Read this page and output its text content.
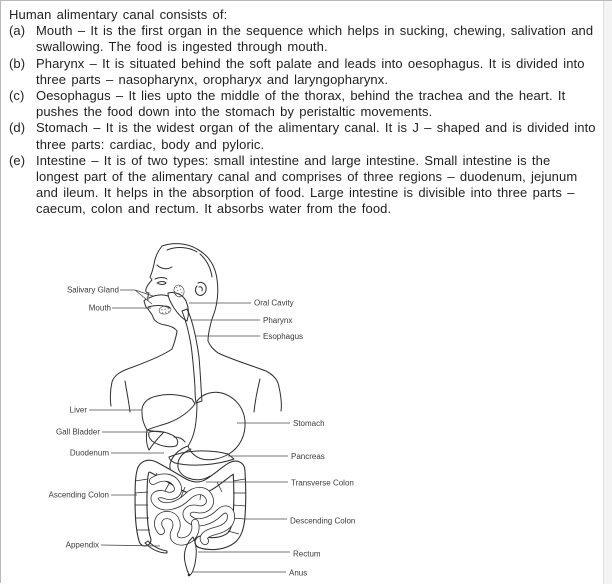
Human alimentary canal consists of:

(a) Mouth – It is the first organ in the sequence which helps in sucking, chewing, salivation and swallowing. The food is ingested through mouth.
(b) Pharynx – It is situated behind the soft palate and leads into oesophagus. It is divided into three parts – nasopharynx, oropharyx and laryngopharynx.
(c) Oesophagus – It lies upto the middle of the thorax, behind the trachea and the heart. It pushes the food down into the stomach by peristaltic movements.
(d) Stomach – It is the widest organ of the alimentary canal. It is J – shaped and is divided into three parts: cardiac, body and pyloric.
(e) Intestine – It is of two types: small intestine and large intestine. Small intestine is the longest part of the alimentary canal and comprises of three regions – duodenum, jejunum and ileum. It helps in the absorption of food. Large intestine is divisible into three parts – caecum, colon and rectum. It absorbs water from the food.
Salivary Gland
Mouth
Oral Cavity
Pharynx
Esophagus
Liver
Gall Bladder
Duodenum
Stomach
Pancreas
Ascending Colon
Transverse Colon
Descending Colon
Appendix
Rectum
Anus
